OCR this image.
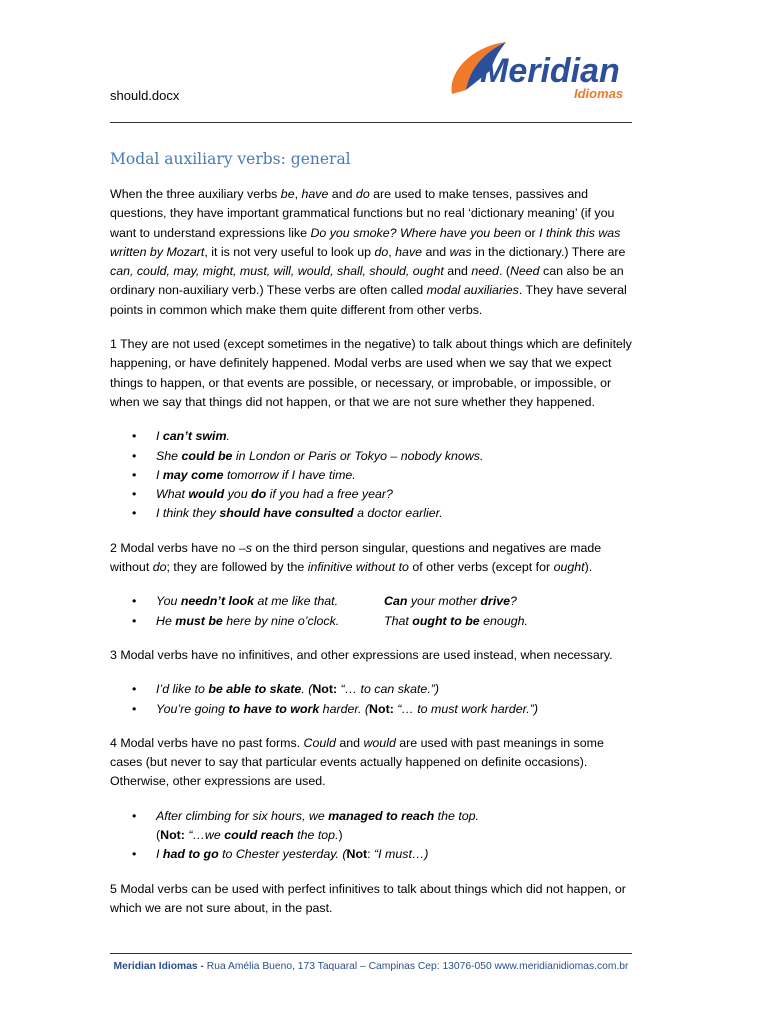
should.docx
Meridian
Idiomas
Modal auxiliary verbs: general

When the three auxiliary verbs be, have and do are used to make tenses, passives and questions, they have important grammatical functions but no real ‘dictionary meaning’ (if you want to understand expressions like Do you smoke? Where have you been or I think this was written by Mozart, it is not very useful to look up do, have and was in the dictionary.) There are can, could, may, might, must, will, would, shall, should, ought and need. (Need can also be an ordinary non-auxiliary verb.) These verbs are often called modal auxiliaries. They have several points in common which make them quite different from other verbs.

1 They are not used (except sometimes in the negative) to talk about things which are definitely happening, or have definitely happened. Modal verbs are used when we say that we expect things to happen, or that events are possible, or necessary, or improbable, or impossible, or when we say that things did not happen, or that we are not sure whether they happened.

• I can’t swim.
• She could be in London or Paris or Tokyo – nobody knows.
• I may come tomorrow if I have time.
• What would you do if you had a free year?
• I think they should have consulted a doctor earlier.

2 Modal verbs have no –s on the third person singular, questions and negatives are made without do; they are followed by the infinitive without to of other verbs (except for ought).

• You needn’t look at me like that.	Can your mother drive?
• He must be here by nine o’clock.	That ought to be enough.

3 Modal verbs have no infinitives, and other expressions are used instead, when necessary.

• I’d like to be able to skate. (Not: “… to can skate.”)
• You’re going to have to work harder. (Not: “… to must work harder.”)

4 Modal verbs have no past forms. Could and would are used with past meanings in some cases (but never to say that particular events actually happened on definite occasions). Otherwise, other expressions are used.

• After climbing for six hours, we managed to reach the top.
(Not: “…we could reach the top.)
• I had to go to Chester yesterday. (Not: “I must…)

5 Modal verbs can be used with perfect infinitives to talk about things which did not happen, or which we are not sure about, in the past.

Meridian Idiomas - Rua Amélia Bueno, 173 Taquaral – Campinas Cep: 13076-050 www.meridianidiomas.com.br
